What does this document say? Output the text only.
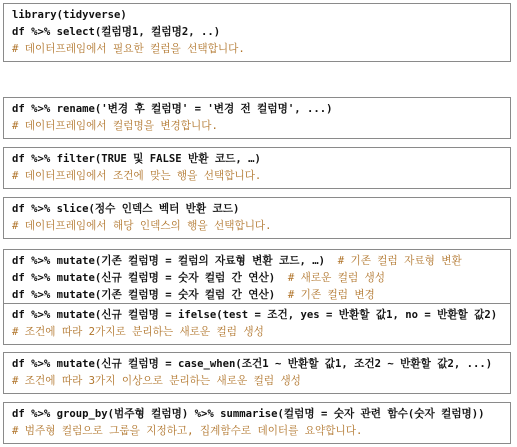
library(tidyverse)
df %>% select(컬럼명1, 컬럼명2, ..)
# 데이터프레임에서 필요한 컬럼을 선택합니다.
df %>% rename('변경 후 컬럼명' = '변경 전 컬럼명', ...)
# 데이터프레임에서 컬럼명을 변경합니다.
df %>% filter(TRUE 및 FALSE 반환 코드, …)
# 데이터프레임에서 조건에 맞는 행을 선택합니다.
df %>% slice(정수 인덱스 벡터 반환 코드)
# 데이터프레임에서 해당 인덱스의 행을 선택합니다.
df %>% mutate(기존 컬럼명 = 컬럼의 자료형 변환 코드, …)  # 기존 컬럼 자료형 변환
df %>% mutate(신규 컬럼명 = 숫자 컬럼 간 연산)  # 새로운 컬럼 생성
df %>% mutate(기존 컬럼명 = 숫자 컬럼 간 연산)  # 기존 컬럼 변경
df %>% mutate(신규 컬럼명 = ifelse(test = 조건, yes = 반환할 값1, no = 반환할 값2)
# 조건에 따라 2가지로 분리하는 새로운 컬럼 생성
df %>% mutate(신규 컬럼명 = case_when(조건1 ~ 반환할 값1, 조건2 ~ 반환할 값2, ...)
# 조건에 따라 3가지 이상으로 분리하는 새로운 컬럼 생성
df %>% group_by(범주형 컬럼명) %>% summarise(컬럼명 = 숫자 관련 함수(숫자 컬럼명))
# 범주형 컬럼으로 그룹을 지정하고, 집계함수로 데이터를 요약합니다.
